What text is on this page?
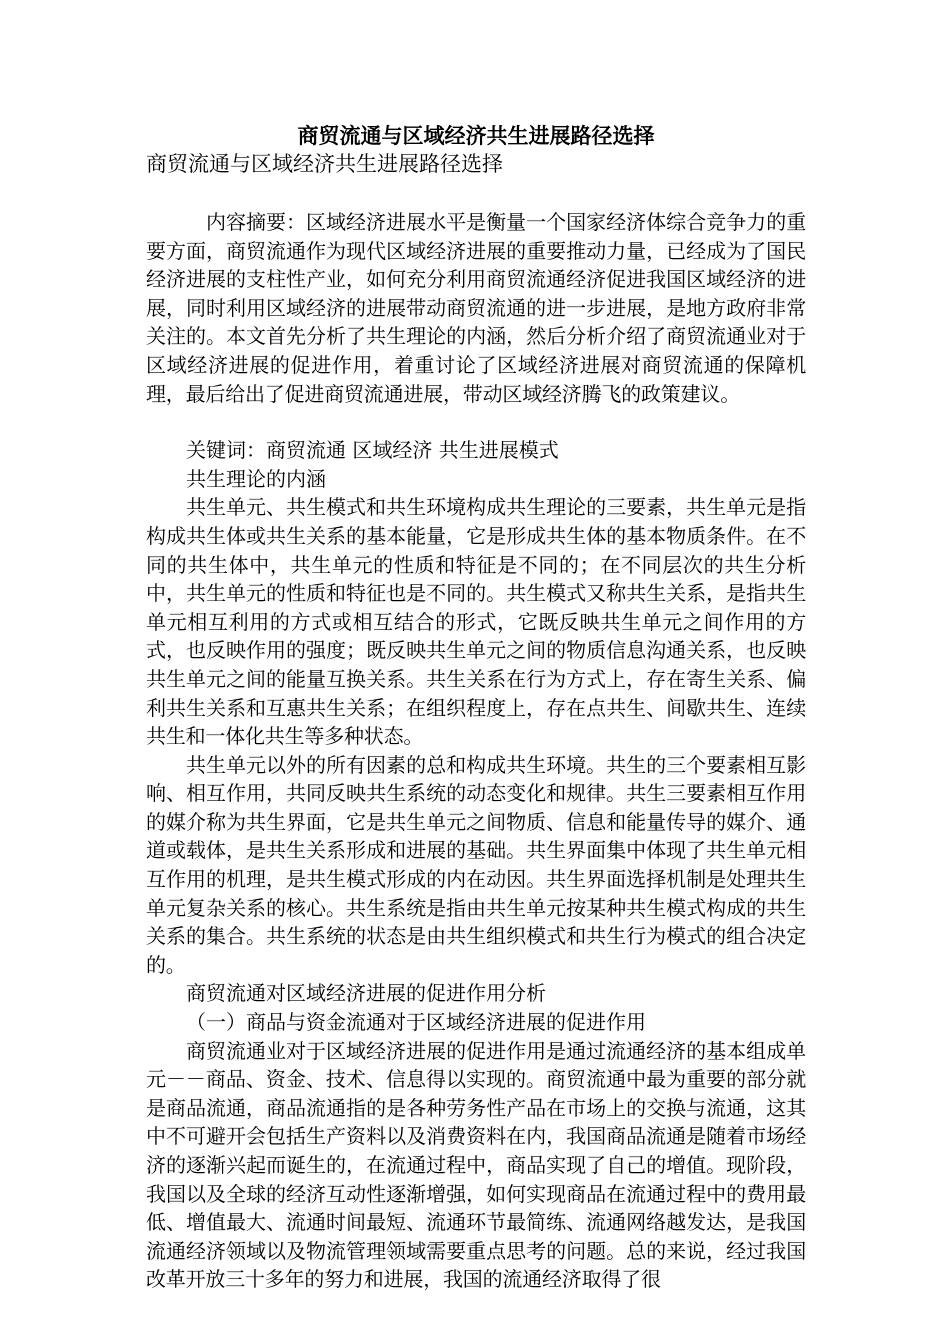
商贸流通与区域经济共生进展路径选择

商贸流通与区域经济共生进展路径选择

内容摘要：区域经济进展水平是衡量一个国家经济体综合竞争力的重要方面，商贸流通作为现代区域经济进展的重要推动力量，已经成为了国民经济进展的支柱性产业，如何充分利用商贸流通经济促进我国区域经济的进展，同时利用区域经济的进展带动商贸流通的进一步进展，是地方政府非常关注的。本文首先分析了共生理论的内涵，然后分析介绍了商贸流通业对于区域经济进展的促进作用，着重讨论了区域经济进展对商贸流通的保障机理，最后给出了促进商贸流通进展，带动区域经济腾飞的政策建议。

关键词：商贸流通 区域经济 共生进展模式

共生理论的内涵

共生单元、共生模式和共生环境构成共生理论的三要素，共生单元是指构成共生体或共生关系的基本能量，它是形成共生体的基本物质条件。在不同的共生体中，共生单元的性质和特征是不同的；在不同层次的共生分析中，共生单元的性质和特征也是不同的。共生模式又称共生关系，是指共生单元相互利用的方式或相互结合的形式，它既反映共生单元之间作用的方式，也反映作用的强度；既反映共生单元之间的物质信息沟通关系，也反映共生单元之间的能量互换关系。共生关系在行为方式上，存在寄生关系、偏利共生关系和互惠共生关系；在组织程度上，存在点共生、间歇共生、连续共生和一体化共生等多种状态。

共生单元以外的所有因素的总和构成共生环境。共生的三个要素相互影响、相互作用，共同反映共生系统的动态变化和规律。共生三要素相互作用的媒介称为共生界面，它是共生单元之间物质、信息和能量传导的媒介、通道或载体，是共生关系形成和进展的基础。共生界面集中体现了共生单元相互作用的机理，是共生模式形成的内在动因。共生界面选择机制是处理共生单元复杂关系的核心。共生系统是指由共生单元按某种共生模式构成的共生关系的集合。共生系统的状态是由共生组织模式和共生行为模式的组合决定的。

商贸流通对区域经济进展的促进作用分析

（一）商品与资金流通对于区域经济进展的促进作用

商贸流通业对于区域经济进展的促进作用是通过流通经济的基本组成单元－－商品、资金、技术、信息得以实现的。商贸流通中最为重要的部分就是商品流通，商品流通指的是各种劳务性产品在市场上的交换与流通，这其中不可避开会包括生产资料以及消费资料在内，我国商品流通是随着市场经济的逐渐兴起而诞生的，在流通过程中，商品实现了自己的增值。现阶段，我国以及全球的经济互动性逐渐增强，如何实现商品在流通过程中的费用最低、增值最大、流通时间最短、流通环节最简练、流通网络越发达，是我国流通经济领域以及物流管理领域需要重点思考的问题。总的来说，经过我国改革开放三十多年的努力和进展，我国的流通经济取得了很
